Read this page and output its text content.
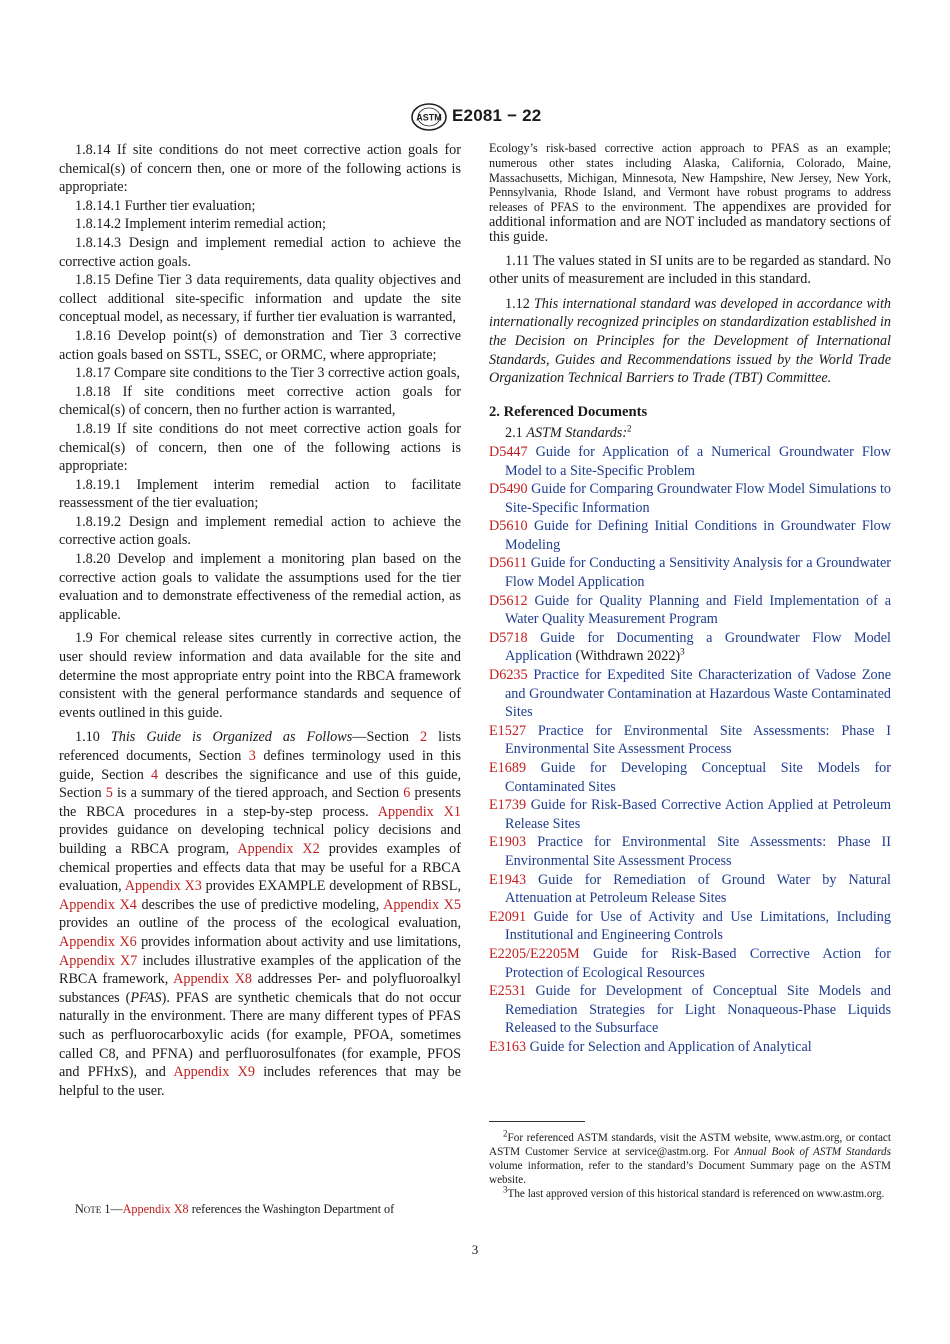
ASTM E2081 − 22

1.8.14 If site conditions do not meet corrective action goals for chemical(s) of concern then, one or more of the following actions is appropriate:

1.8.14.1 Further tier evaluation;

1.8.14.2 Implement interim remedial action;

1.8.14.3 Design and implement remedial action to achieve the corrective action goals.

1.8.15 Define Tier 3 data requirements, data quality objectives and collect additional site-specific information and update the site conceptual model, as necessary, if further tier evaluation is warranted,

1.8.16 Develop point(s) of demonstration and Tier 3 corrective action goals based on SSTL, SSEC, or ORMC, where appropriate;

1.8.17 Compare site conditions to the Tier 3 corrective action goals,

1.8.18 If site conditions meet corrective action goals for chemical(s) of concern, then no further action is warranted,

1.8.19 If site conditions do not meet corrective action goals for chemical(s) of concern, then one of the following actions is appropriate:

1.8.19.1 Implement interim remedial action to facilitate reassessment of the tier evaluation;

1.8.19.2 Design and implement remedial action to achieve the corrective action goals.

1.8.20 Develop and implement a monitoring plan based on the corrective action goals to validate the assumptions used for the tier evaluation and to demonstrate effectiveness of the remedial action, as applicable.

1.9 For chemical release sites currently in corrective action, the user should review information and data available for the site and determine the most appropriate entry point into the RBCA framework consistent with the general performance standards and sequence of events outlined in this guide.

1.10 This Guide is Organized as Follows—Section 2 lists referenced documents, Section 3 defines terminology used in this guide, Section 4 describes the significance and use of this guide, Section 5 is a summary of the tiered approach, and Section 6 presents the RBCA procedures in a step-by-step process. Appendix X1 provides guidance on developing technical policy decisions and building a RBCA program, Appendix X2 provides examples of chemical properties and effects data that may be useful for a RBCA evaluation, Appendix X3 provides EXAMPLE development of RBSL, Appendix X4 describes the use of predictive modeling, Appendix X5 provides an outline of the process of the ecological evaluation, Appendix X6 provides information about activity and use limitations, Appendix X7 includes illustrative examples of the application of the RBCA framework, Appendix X8 addresses Per- and polyfluoroalkyl substances (PFAS). PFAS are synthetic chemicals that do not occur naturally in the environment. There are many different types of PFAS such as perfluorocarboxylic acids (for example, PFOA, sometimes called C8, and PFNA) and perfluorosulfonates (for example, PFOS and PFHxS), and Appendix X9 includes references that may be helpful to the user.

Note 1—Appendix X8 references the Washington Department of

Ecology’s risk-based corrective action approach to PFAS as an example; numerous other states including Alaska, California, Colorado, Maine, Massachusetts, Michigan, Minnesota, New Hampshire, New Jersey, New York, Pennsylvania, Rhode Island, and Vermont have robust programs to address releases of PFAS to the environment. The appendixes are provided for additional information and are NOT included as mandatory sections of this guide.

1.11 The values stated in SI units are to be regarded as standard. No other units of measurement are included in this standard.

1.12 This international standard was developed in accordance with internationally recognized principles on standardization established in the Decision on Principles for the Development of International Standards, Guides and Recommendations issued by the World Trade Organization Technical Barriers to Trade (TBT) Committee.

2. Referenced Documents

2.1 ASTM Standards:$^2$

D5447 Guide for Application of a Numerical Groundwater Flow Model to a Site-Specific Problem

D5490 Guide for Comparing Groundwater Flow Model Simulations to Site-Specific Information

D5610 Guide for Defining Initial Conditions in Groundwater Flow Modeling

D5611 Guide for Conducting a Sensitivity Analysis for a Groundwater Flow Model Application

D5612 Guide for Quality Planning and Field Implementation of a Water Quality Measurement Program

D5718 Guide for Documenting a Groundwater Flow Model Application (Withdrawn 2022)$^3$

D6235 Practice for Expedited Site Characterization of Vadose Zone and Groundwater Contamination at Hazardous Waste Contaminated Sites

E1527 Practice for Environmental Site Assessments: Phase I Environmental Site Assessment Process

E1689 Guide for Developing Conceptual Site Models for Contaminated Sites

E1739 Guide for Risk-Based Corrective Action Applied at Petroleum Release Sites

E1903 Practice for Environmental Site Assessments: Phase II Environmental Site Assessment Process

E1943 Guide for Remediation of Ground Water by Natural Attenuation at Petroleum Release Sites

E2091 Guide for Use of Activity and Use Limitations, Including Institutional and Engineering Controls

E2205/E2205M Guide for Risk-Based Corrective Action for Protection of Ecological Resources

E2531 Guide for Development of Conceptual Site Models and Remediation Strategies for Light Nonaqueous-Phase Liquids Released to the Subsurface

E3163 Guide for Selection and Application of Analytical

$^2$For referenced ASTM standards, visit the ASTM website, www.astm.org, or contact ASTM Customer Service at service@astm.org. For Annual Book of ASTM Standards volume information, refer to the standard’s Document Summary page on the ASTM website.

$^3$The last approved version of this historical standard is referenced on www.astm.org.

3
